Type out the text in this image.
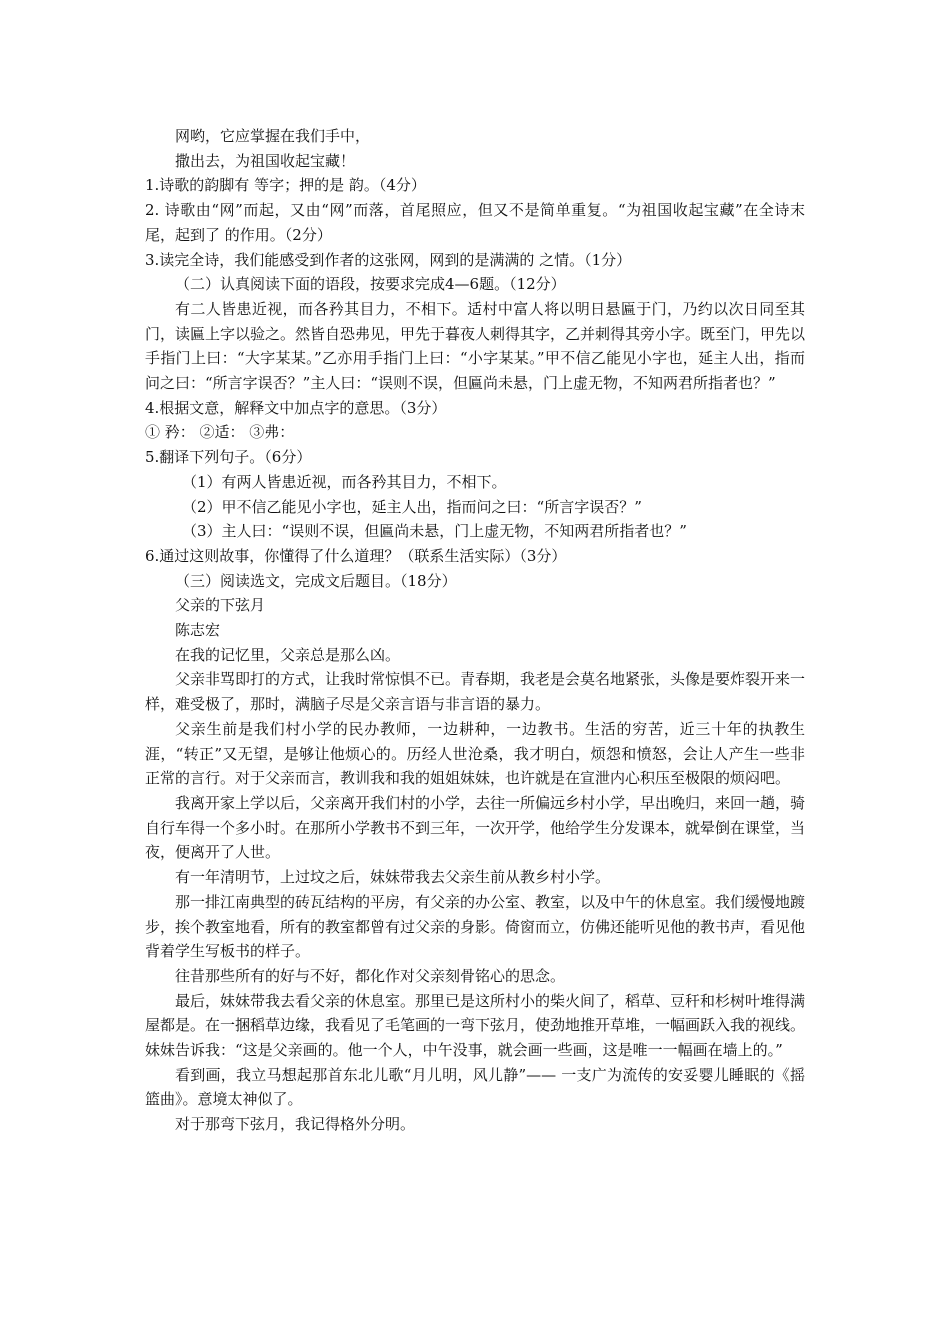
网哟，它应掌握在我们手中，

撒出去，为祖国收起宝藏！

1.诗歌的韵脚有 等字；押的是 韵。（4分）

2. 诗歌由“网”而起，又由“网”而落，首尾照应，但又不是简单重复。“为祖国收起宝藏”在全诗末尾，起到了 的作用。（2分）

3.读完全诗，我们能感受到作者的这张网，网到的是满满的 之情。（1分）

（二）认真阅读下面的语段，按要求完成4—6题。（12分）

有二人皆患近视，而各矜其目力，不相下。适村中富人将以明日悬匾于门，乃约以次日同至其门，读匾上字以验之。然皆自恐弗见，甲先于暮夜人刺得其字，乙并刺得其旁小字。既至门，甲先以手指门上曰：“大字某某。”乙亦用手指门上曰：“小字某某。”甲不信乙能见小字也，延主人出，指而问之曰：“所言字误否？”主人曰：“误则不误，但匾尚未悬，门上虚无物，不知两君所指者也？”

4.根据文意，解释文中加点字的意思。（3分）

① 矜： ②适： ③弗：

5.翻译下列句子。（6分）

（1）有两人皆患近视，而各矜其目力，不相下。

（2）甲不信乙能见小字也，延主人出，指而问之曰：“所言字误否？”

（3）主人曰：“误则不误，但匾尚未悬，门上虚无物，不知两君所指者也？”

6.通过这则故事，你懂得了什么道理？（联系生活实际）（3分）

（三）阅读选文，完成文后题目。（18分）

父亲的下弦月

陈志宏

在我的记忆里，父亲总是那么凶。

父亲非骂即打的方式，让我时常惊惧不已。青春期，我老是会莫名地紧张，头像是要炸裂开来一样，难受极了，那时，满脑子尽是父亲言语与非言语的暴力。

父亲生前是我们村小学的民办教师，一边耕种，一边教书。生活的穷苦，近三十年的执教生涯，“转正”又无望，是够让他烦心的。历经人世沧桑，我才明白，烦怨和愤怒，会让人产生一些非正常的言行。对于父亲而言，教训我和我的姐姐妹妹，也许就是在宣泄内心积压至极限的烦闷吧。

我离开家上学以后，父亲离开我们村的小学，去往一所偏远乡村小学，早出晚归，来回一趟，骑自行车得一个多小时。在那所小学教书不到三年，一次开学，他给学生分发课本，就晕倒在课堂，当夜，便离开了人世。

有一年清明节，上过坟之后，妹妹带我去父亲生前从教乡村小学。

那一排江南典型的砖瓦结构的平房，有父亲的办公室、教室，以及中午的休息室。我们缓慢地踱步，挨个教室地看，所有的教室都曾有过父亲的身影。倚窗而立，仿佛还能听见他的教书声，看见他背着学生写板书的样子。

往昔那些所有的好与不好，都化作对父亲刻骨铭心的思念。

最后，妹妹带我去看父亲的休息室。那里已是这所村小的柴火间了，稻草、豆秆和杉树叶堆得满屋都是。在一捆稻草边缘，我看见了毛笔画的一弯下弦月，使劲地推开草堆，一幅画跃入我的视线。妹妹告诉我：“这是父亲画的。他一个人，中午没事，就会画一些画，这是唯一一幅画在墙上的。”

看到画，我立马想起那首东北儿歌“月儿明，风儿静”—— 一支广为流传的安妥婴儿睡眠的《摇篮曲》。意境太神似了。

对于那弯下弦月，我记得格外分明。
